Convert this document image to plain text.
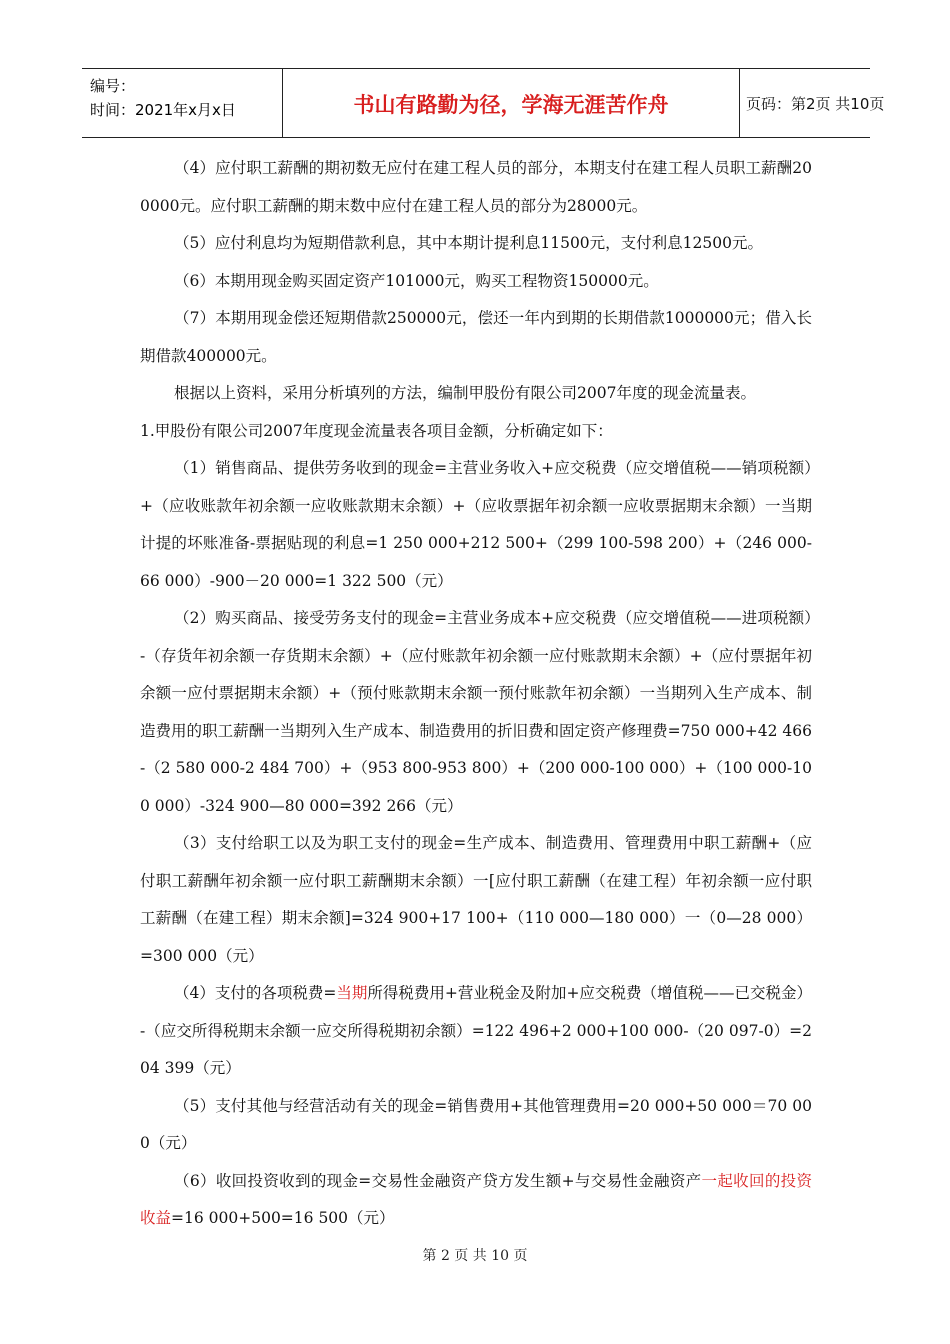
编号：
时间：2021年x月x日	书山有路勤为径，学海无涯苦作舟	页码：第2页 共10页

（4）应付职工薪酬的期初数无应付在建工程人员的部分，本期支付在建工程人员职工薪酬200000元。应付职工薪酬的期末数中应付在建工程人员的部分为28000元。

（5）应付利息均为短期借款利息，其中本期计提利息11500元，支付利息12500元。

（6）本期用现金购买固定资产101000元，购买工程物资150000元。

（7）本期用现金偿还短期借款250000元，偿还一年内到期的长期借款1000000元；借入长期借款400000元。

根据以上资料，采用分析填列的方法，编制甲股份有限公司2007年度的现金流量表。

1.甲股份有限公司2007年度现金流量表各项目金额，分析确定如下：

（1）销售商品、提供劳务收到的现金=主营业务收入+应交税费（应交增值税——销项税额）+（应收账款年初余额一应收账款期末余额）+（应收票据年初余额一应收票据期末余额）一当期计提的坏账准备-票据贴现的利息=1 250 000+212 500+（299 100-598 200）+（246 000-66 000）-900－20 000=1 322 500（元）

（2）购买商品、接受劳务支付的现金=主营业务成本+应交税费（应交增值税——进项税额）-（存货年初余额一存货期末余额）+（应付账款年初余额一应付账款期末余额）+（应付票据年初余额一应付票据期末余额）+（预付账款期末余额一预付账款年初余额）一当期列入生产成本、制造费用的职工薪酬一当期列入生产成本、制造费用的折旧费和固定资产修理费=750 000+42 466-（2 580 000-2 484 700）+（953 800-953 800）+（200 000-100 000）+（100 000-100 000）-324 900—80 000=392 266（元）

（3）支付给职工以及为职工支付的现金=生产成本、制造费用、管理费用中职工薪酬+（应付职工薪酬年初余额一应付职工薪酬期末余额）一[应付职工薪酬（在建工程）年初余额一应付职工薪酬（在建工程）期末余额]=324 900+17 100+（110 000—180 000）一（0—28 000）=300 000（元）

（4）支付的各项税费=当期所得税费用+营业税金及附加+应交税费（增值税——已交税金）-（应交所得税期末余额一应交所得税期初余额）=122 496+2 000+100 000-（20 097-0）=204 399（元）

（5）支付其他与经营活动有关的现金=销售费用+其他管理费用=20 000+50 000＝70 000（元）

（6）收回投资收到的现金=交易性金融资产贷方发生额+与交易性金融资产一起收回的投资收益=16 000+500=16 500（元）

第 2 页 共 10 页
